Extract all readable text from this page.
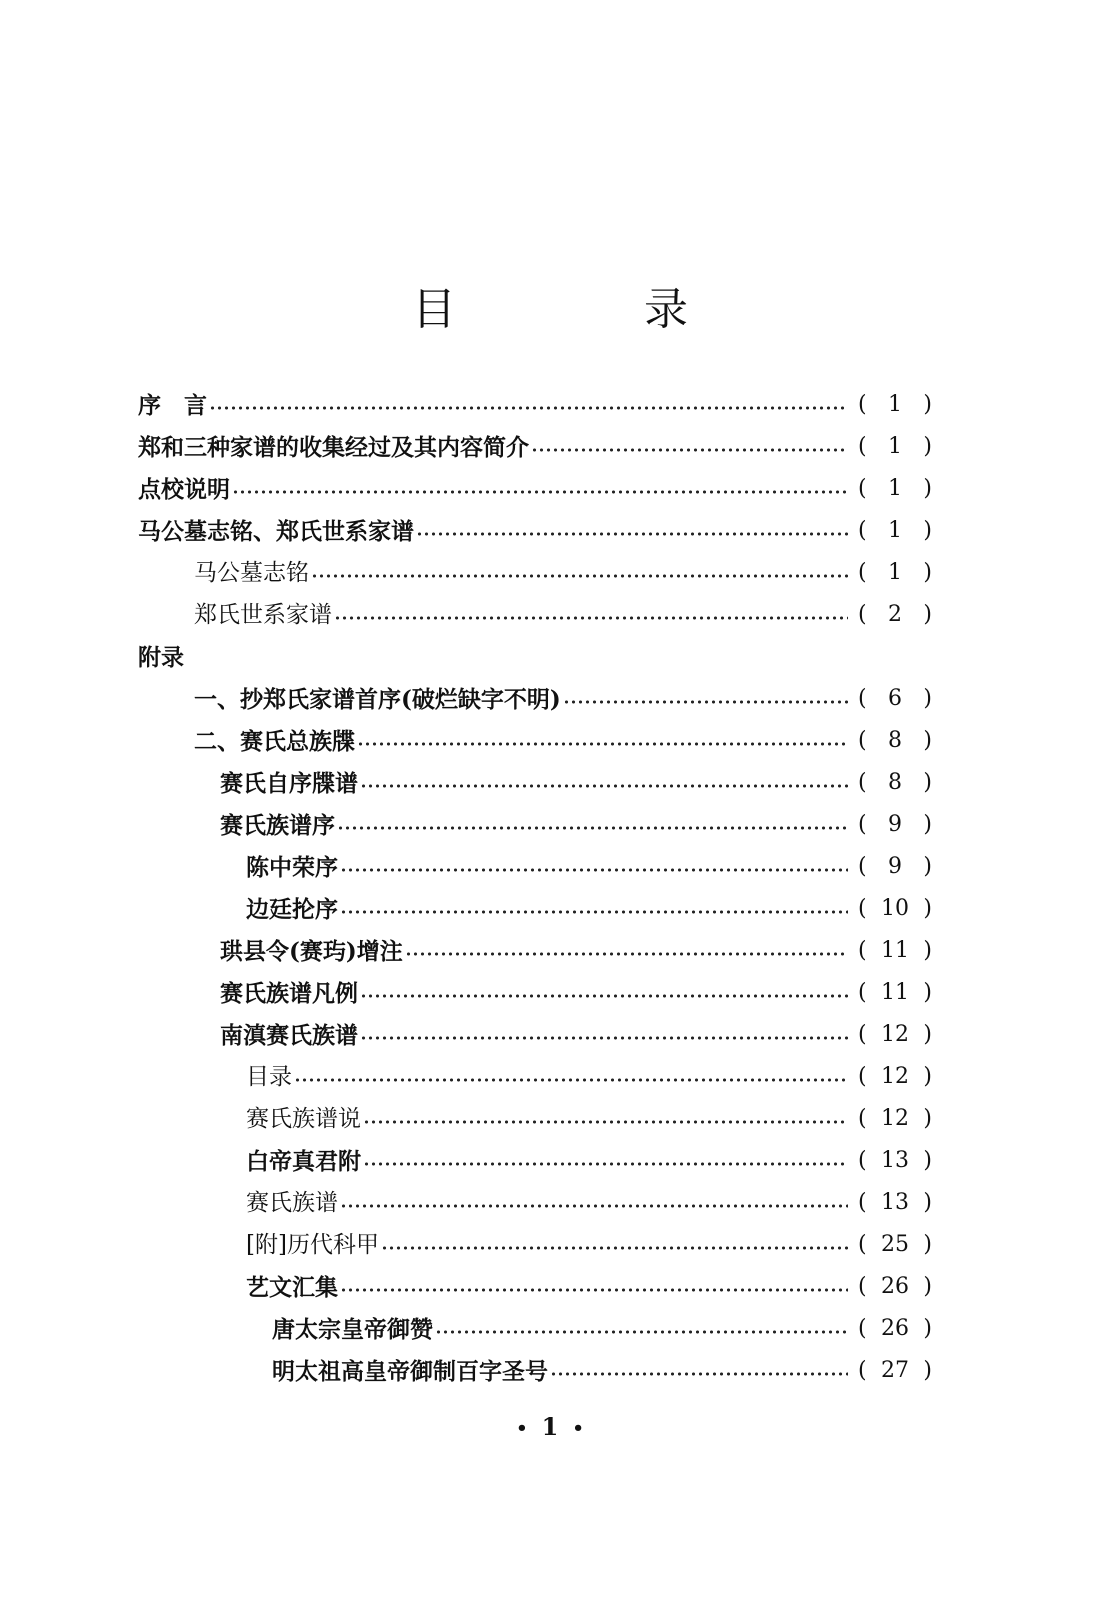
目　录
序　言	( 1 )
郑和三种家谱的收集经过及其内容简介	( 1 )
点校说明	( 1 )
马公墓志铭、郑氏世系家谱	( 1 )
马公墓志铭	( 1 )
郑氏世系家谱	( 2 )
附录
一、抄郑氏家谱首序(破烂缺字不明)	( 6 )
二、赛氏总族牒	( 8 )
赛氏自序牒谱	( 8 )
赛氏族谱序	( 9 )
陈中荣序	( 9 )
边廷抡序	( 10 )
珙县令(赛玙)增注	( 11 )
赛氏族谱凡例	( 11 )
南滇赛氏族谱	( 12 )
目录	( 12 )
赛氏族谱说	( 12 )
白帝真君附	( 13 )
赛氏族谱	( 13 )
[附]历代科甲	( 25 )
艺文汇集	( 26 )
唐太宗皇帝御赞	( 26 )
明太祖高皇帝御制百字圣号	( 27 )
• 1 •
